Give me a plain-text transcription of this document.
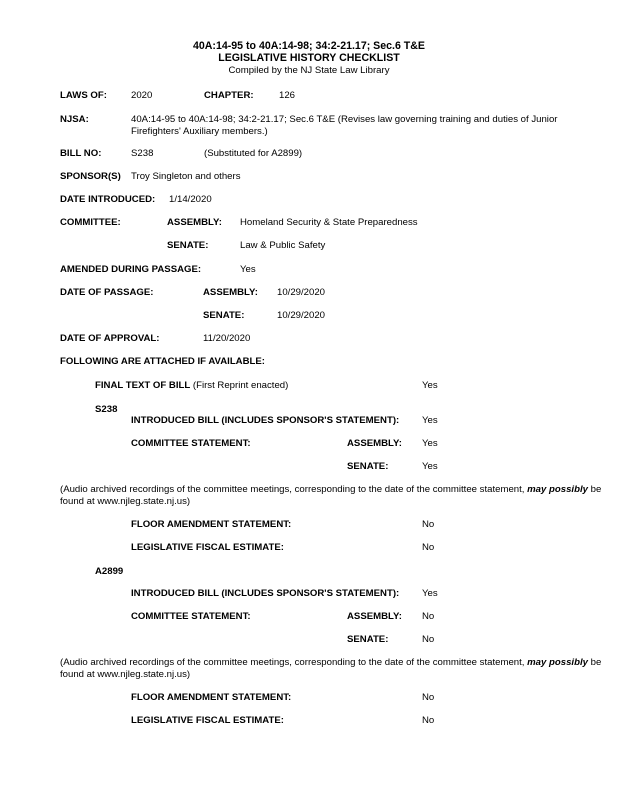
40A:14-95 to 40A:14-98; 34:2-21.17; Sec.6 T&E
LEGISLATIVE HISTORY CHECKLIST
Compiled by the NJ State Law Library
LAWS OF:	2020	CHAPTER:	126
NJSA:	40A:14-95 to 40A:14-98; 34:2-21.17; Sec.6 T&E (Revises law governing training and duties of Junior Firefighters' Auxiliary members.)
BILL NO:	S238	(Substituted for A2899)
SPONSOR(S) Troy Singleton and others
DATE INTRODUCED: 1/14/2020
COMMITTEE:	ASSEMBLY: Homeland Security & State Preparedness
SENATE:	Law & Public Safety
AMENDED DURING PASSAGE:	Yes
DATE OF PASSAGE:	ASSEMBLY: 10/29/2020
SENATE:	10/29/2020
DATE OF APPROVAL:	11/20/2020
FOLLOWING ARE ATTACHED IF AVAILABLE:
FINAL TEXT OF BILL (First Reprint enacted)	Yes
S238
INTRODUCED BILL (INCLUDES SPONSOR'S STATEMENT): Yes
COMMITTEE STATEMENT:	ASSEMBLY: Yes
SENATE:	Yes
(Audio archived recordings of the committee meetings, corresponding to the date of the committee statement, may possibly be found at www.njleg.state.nj.us)
FLOOR AMENDMENT STATEMENT:	No
LEGISLATIVE FISCAL ESTIMATE:	No
A2899
INTRODUCED BILL (INCLUDES SPONSOR'S STATEMENT): Yes
COMMITTEE STATEMENT:	ASSEMBLY: No
SENATE:	No
(Audio archived recordings of the committee meetings, corresponding to the date of the committee statement, may possibly be found at www.njleg.state.nj.us)
FLOOR AMENDMENT STATEMENT:	No
LEGISLATIVE FISCAL ESTIMATE:	No
